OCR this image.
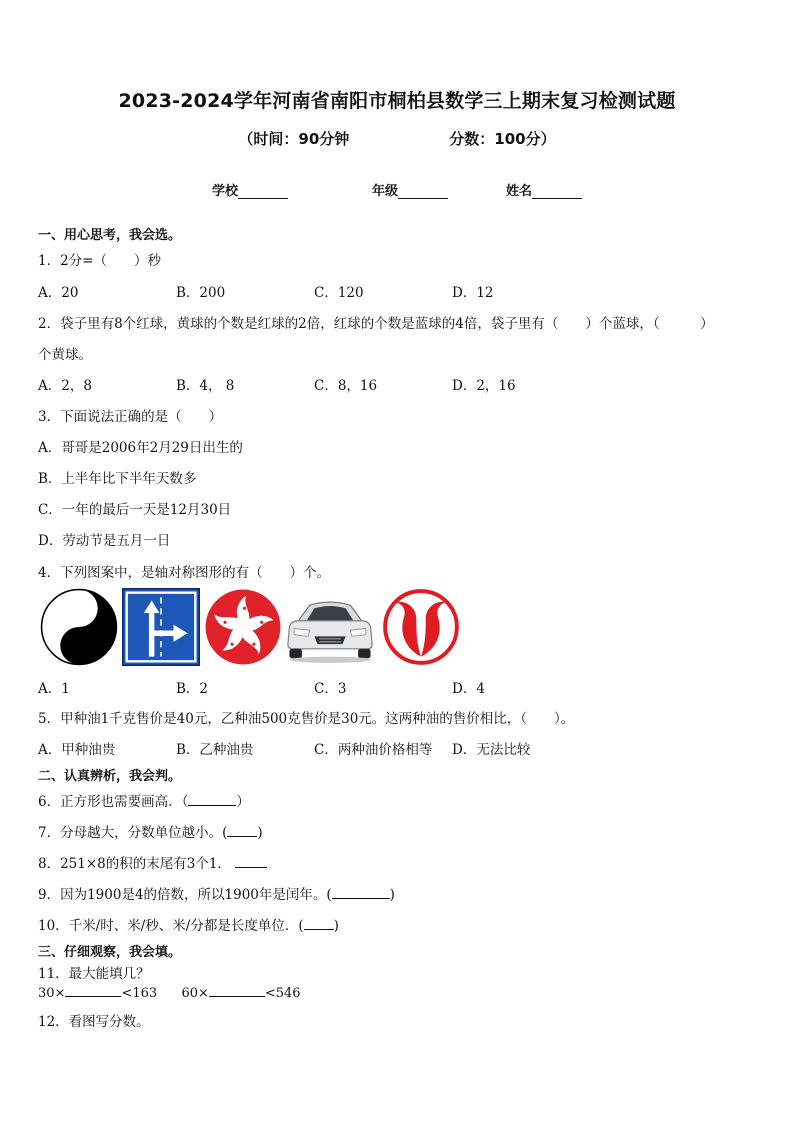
2023-2024学年河南省南阳市桐柏县数学三上期末复习检测试题
（时间：90分钟	分数：100分）
学校	年级	姓名
一、用心思考，我会选。
1．2分=（　　）秒
A．20	B．200	C．120	D．12
2．袋子里有8个红球，黄球的个数是红球的2倍，红球的个数是蓝球的4倍，袋子里有（　　）个蓝球，（　　　）
个黄球。
A．2，8	B．4， 8	C．8，16	D．2，16
3．下面说法正确的是（　　）
A．哥哥是2006年2月29日出生的
B．上半年比下半年天数多
C．一年的最后一天是12月30日
D．劳动节是五月一日
4．下列图案中，是轴对称图形的有（　　）个。
A．1	B．2	C．3	D．4
5．甲种油1千克售价是40元，乙种油500克售价是30元。这两种油的售价相比，（　　）。
A．甲种油贵	B．乙种油贵	C．两种油价格相等 D．无法比较
二、认真辨析，我会判。
6．正方形也需要画高．（	）
7．分母越大，分数单位越小。( )
8．251×8的积的末尾有3个1．
9．因为1900是4的倍数，所以1900年是闰年。(	)
10．千米/时、米/秒、米/分都是长度单位．( )
三、仔细观察，我会填。
11．最大能填几？
30×	<163 60×	<546
12．看图写分数。
